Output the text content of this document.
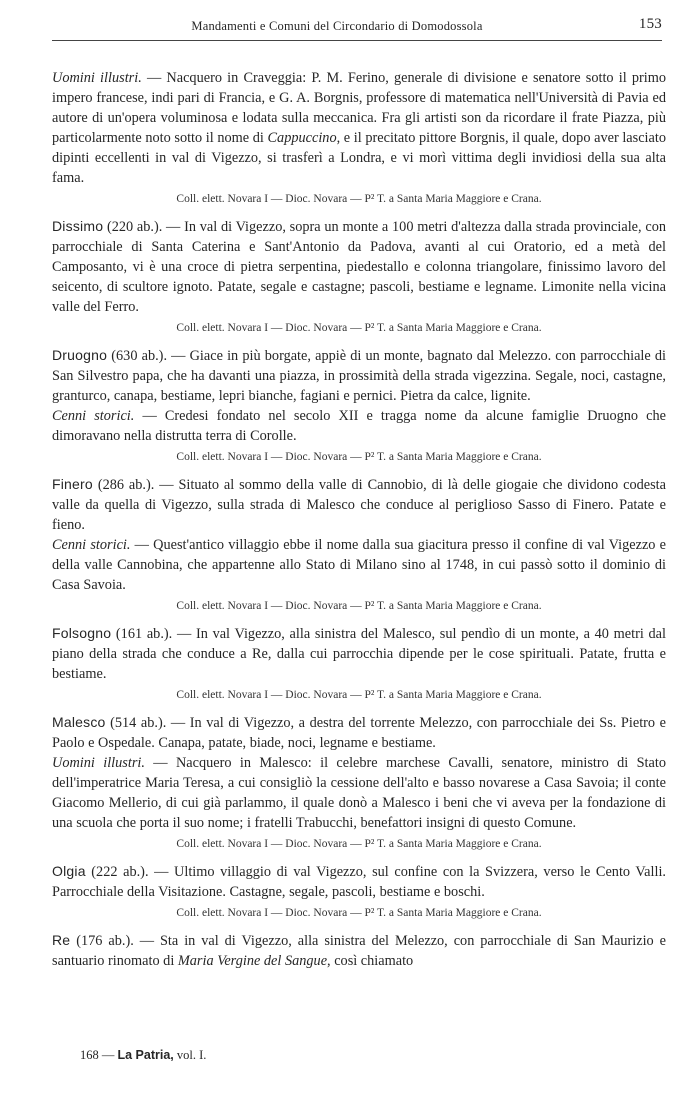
Mandamenti e Comuni del Circondario di Domodossola	153

Uomini illustri. — Nacquero in Craveggia: P. M. Ferino, generale di divisione e senatore sotto il primo impero francese, indi pari di Francia, e G. A. Borgnis, professore di matematica nell'Università di Pavia ed autore di un'opera voluminosa e lodata sulla meccanica. Fra gli artisti son da ricordare il frate Piazza, più particolarmente noto sotto il nome di Cappuccino, e il precitato pittore Borgnis, il quale, dopo aver lasciato dipinti eccellenti in val di Vigezzo, si trasferì a Londra, e vi morì vittima degli invidiosi della sua alta fama.

Coll. elett. Novara I — Dioc. Novara — P² T. a Santa Maria Maggiore e Crana.

Dissimo (220 ab.). — In val di Vigezzo, sopra un monte a 100 metri d'altezza dalla strada provinciale, con parrocchiale di Santa Caterina e Sant'Antonio da Padova, avanti al cui Oratorio, ed a metà del Camposanto, vi è una croce di pietra serpentina, piedestallo e colonna triangolare, finissimo lavoro del seicento, di scultore ignoto. Patate, segale e castagne; pascoli, bestiame e legname. Limonite nella vicina valle del Ferro.

Coll. elett. Novara I — Dioc. Novara — P² T. a Santa Maria Maggiore e Crana.

Druogno (630 ab.). — Giace in più borgate, appiè di un monte, bagnato dal Melezzo. con parrocchiale di San Silvestro papa, che ha davanti una piazza, in prossimità della strada vigezzina. Segale, noci, castagne, granturco, canapa, bestiame, lepri bianche, fagiani e pernici. Pietra da calce, lignite.

Cenni storici. — Credesi fondato nel secolo XII e tragga nome da alcune famiglie Druogno che dimoravano nella distrutta terra di Corolle.

Coll. elett. Novara I — Dioc. Novara — P² T. a Santa Maria Maggiore e Crana.

Finero (286 ab.). — Situato al sommo della valle di Cannobio, di là delle giogaie che dividono codesta valle da quella di Vigezzo, sulla strada di Malesco che conduce al periglioso Sasso di Finero. Patate e fieno.

Cenni storici. — Quest'antico villaggio ebbe il nome dalla sua giacitura presso il confine di val Vigezzo e della valle Cannobina, che appartenne allo Stato di Milano sino al 1748, in cui passò sotto il dominio di Casa Savoia.

Coll. elett. Novara I — Dioc. Novara — P² T. a Santa Maria Maggiore e Crana.

Folsogno (161 ab.). — In val Vigezzo, alla sinistra del Malesco, sul pendìo di un monte, a 40 metri dal piano della strada che conduce a Re, dalla cui parrocchia dipende per le cose spirituali. Patate, frutta e bestiame.

Coll. elett. Novara I — Dioc. Novara — P² T. a Santa Maria Maggiore e Crana.

Malesco (514 ab.). — In val di Vigezzo, a destra del torrente Melezzo, con parrocchiale dei Ss. Pietro e Paolo e Ospedale. Canapa, patate, biade, noci, legname e bestiame.

Uomini illustri. — Nacquero in Malesco: il celebre marchese Cavalli, senatore, ministro di Stato dell'imperatrice Maria Teresa, a cui consigliò la cessione dell'alto e basso novarese a Casa Savoia; il conte Giacomo Mellerio, di cui già parlammo, il quale donò a Malesco i beni che vi aveva per la fondazione di una scuola che porta il suo nome; i fratelli Trabucchi, benefattori insigni di questo Comune.

Coll. elett. Novara I — Dioc. Novara — P² T. a Santa Maria Maggiore e Crana.

Olgia (222 ab.). — Ultimo villaggio di val Vigezzo, sul confine con la Svizzera, verso le Cento Valli. Parrocchiale della Visitazione. Castagne, segale, pascoli, bestiame e boschi.

Coll. elett. Novara I — Dioc. Novara — P² T. a Santa Maria Maggiore e Crana.

Re (176 ab.). — Sta in val di Vigezzo, alla sinistra del Melezzo, con parrocchiale di San Maurizio e santuario rinomato di Maria Vergine del Sangue, così chiamato

168 — La Patria, vol. I.
